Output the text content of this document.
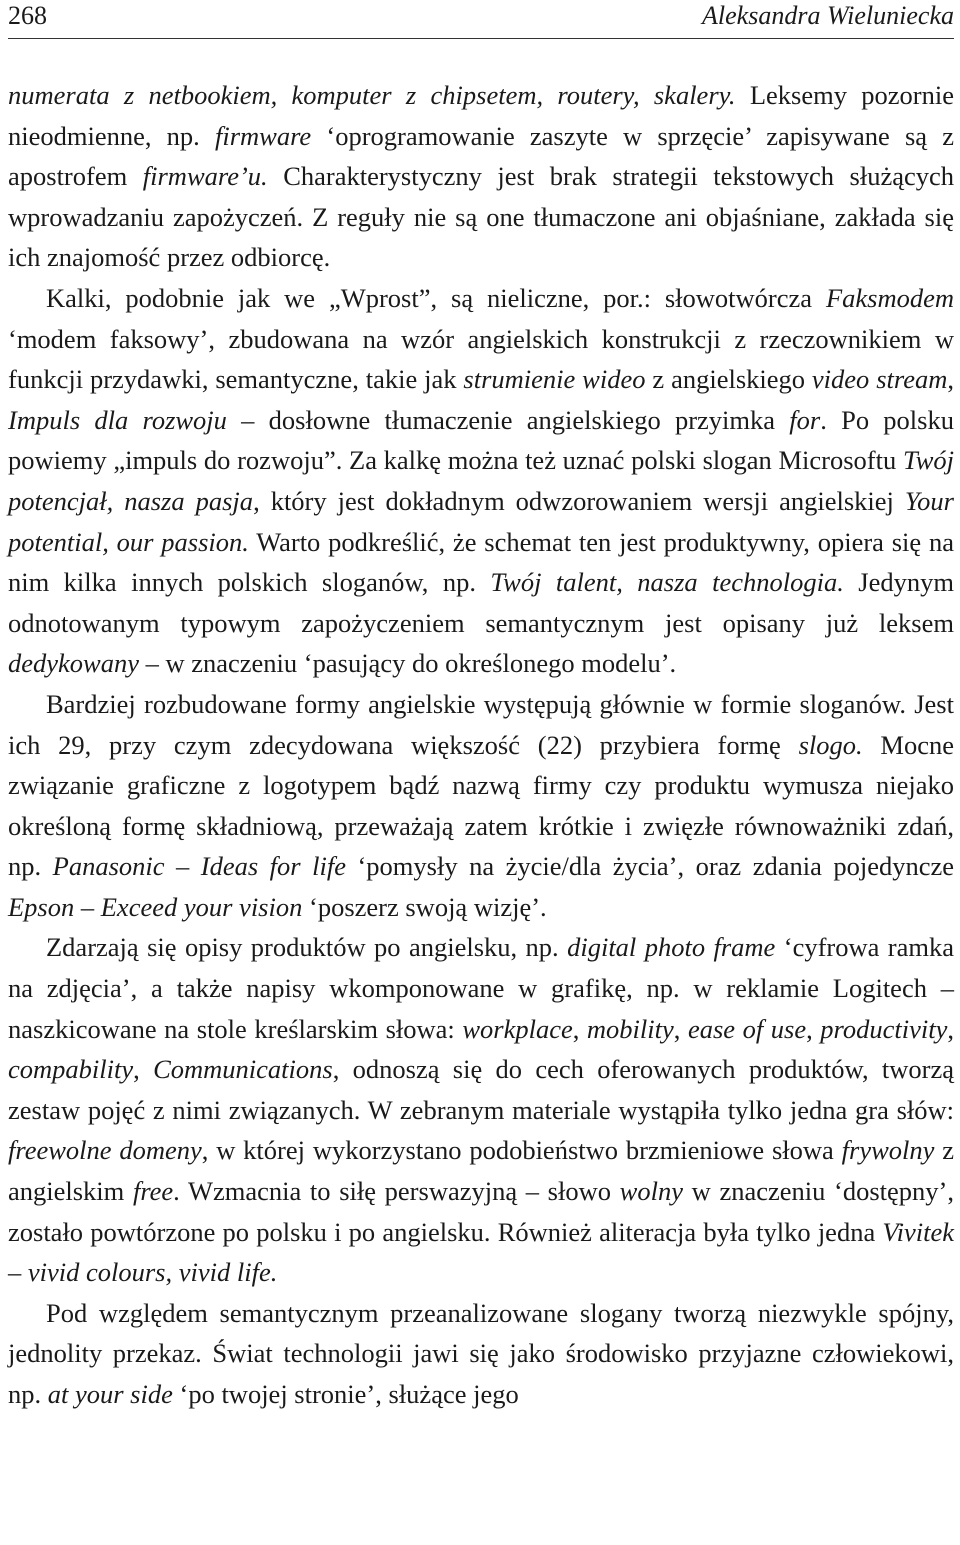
268	Aleksandra Wieluniecka

numerata z netbookiem, komputer z chipsetem, routery, skalery. Leksemy pozornie nieodmienne, np. firmware ‘oprogramowanie zaszyte w sprzęcie’ zapisywane są z apostrofem firmware’u. Charakterystyczny jest brak strategii tekstowych służących wprowadzaniu zapożyczeń. Z reguły nie są one tłumaczone ani objaśniane, zakłada się ich znajomość przez odbiorcę.

Kalki, podobnie jak we „Wprost”, są nieliczne, por.: słowotwórcza Faksmodem ‘modem faksowy’, zbudowana na wzór angielskich konstrukcji z rzeczownikiem w funkcji przydawki, semantyczne, takie jak strumienie wideo z angielskiego video stream, Impuls dla rozwoju – dosłowne tłumaczenie angielskiego przyimka for. Po polsku powiemy „impuls do rozwoju”. Za kalkę można też uznać polski slogan Microsoftu Twój potencjał, nasza pasja, który jest dokładnym odwzorowaniem wersji angielskiej Your potential, our passion. Warto podkreślić, że schemat ten jest produktywny, opiera się na nim kilka innych polskich sloganów, np. Twój talent, nasza technologia. Jedynym odnotowanym typowym zapożyczeniem semantycznym jest opisany już leksem dedykowany – w znaczeniu ‘pasujący do określonego modelu’.

Bardziej rozbudowane formy angielskie występują głównie w formie sloganów. Jest ich 29, przy czym zdecydowana większość (22) przybiera formę slogo. Mocne związanie graficzne z logotypem bądź nazwą firmy czy produktu wymusza niejako określoną formę składniową, przeważają zatem krótkie i zwięzłe równoważniki zdań, np. Panasonic – Ideas for life ‘pomysły na życie/dla życia’, oraz zdania pojedyncze Epson – Exceed your vision ‘poszerz swoją wizję’.

Zdarzają się opisy produktów po angielsku, np. digital photo frame ‘cyfrowa ramka na zdjęcia’, a także napisy wkomponowane w grafikę, np. w reklamie Logitech – naszkicowane na stole kreślarskim słowa: workplace, mobility, ease of use, productivity, compability, Communications, odnoszą się do cech oferowanych produktów, tworzą zestaw pojęć z nimi związanych. W zebranym materiale wystąpiła tylko jedna gra słów: freewolne domeny, w której wykorzystano podobieństwo brzmieniowe słowa frywolny z angielskim free. Wzmacnia to siłę perswazyjną – słowo wolny w znaczeniu ‘dostępny’, zostało powtórzone po polsku i po angielsku. Również aliteracja była tylko jedna Vivitek – vivid colours, vivid life.

Pod względem semantycznym przeanalizowane slogany tworzą niezwykle spójny, jednolity przekaz. Świat technologii jawi się jako środowisko przyjazne człowiekowi, np. at your side ‘po twojej stronie’, służące jego
